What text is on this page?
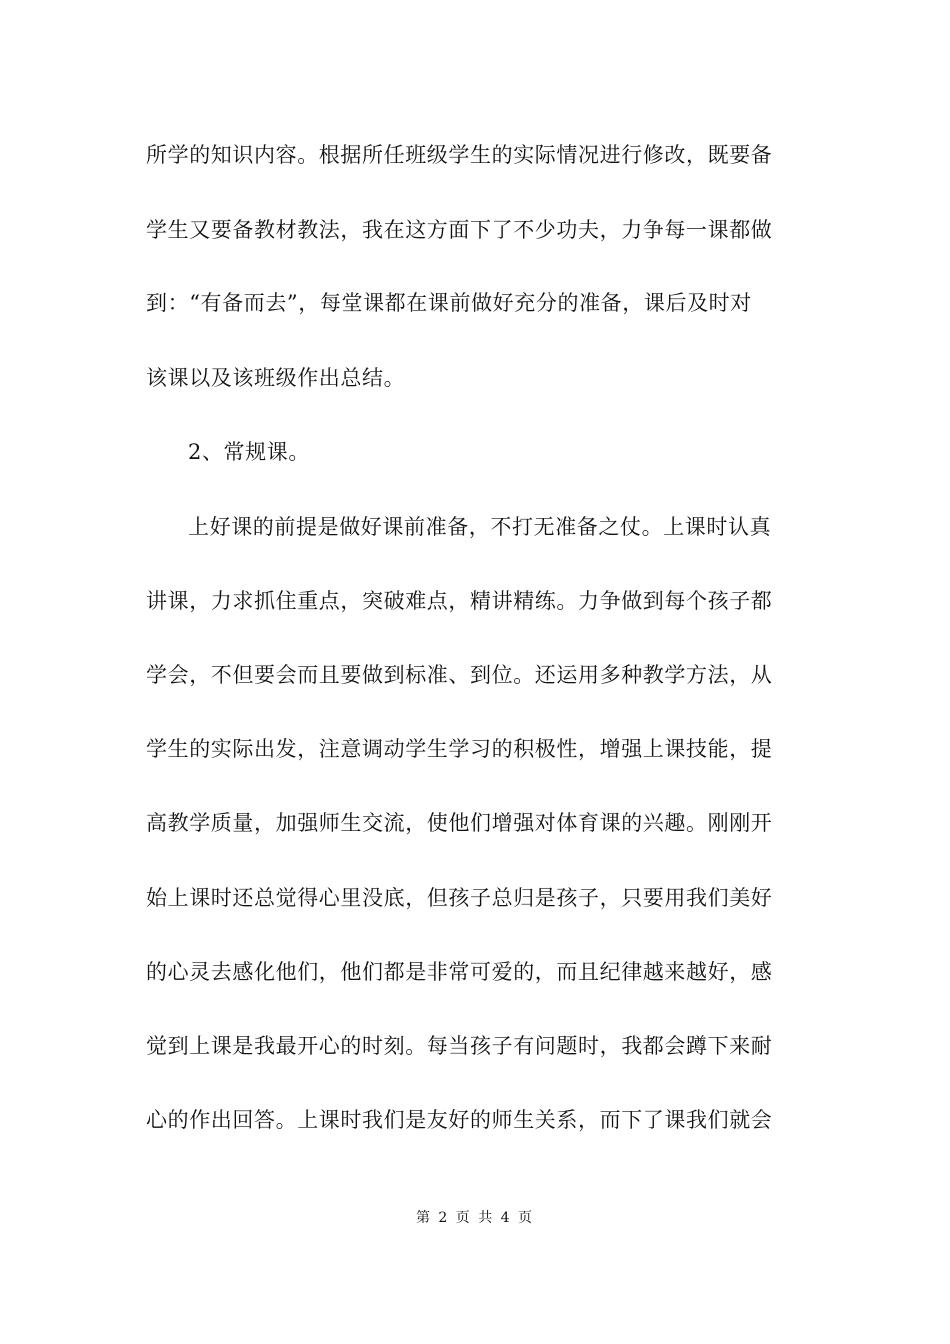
所学的知识内容。根据所任班级学生的实际情况进行修改，既要备
学生又要备教材教法，我在这方面下了不少功夫，力争每一课都做
到：“有备而去”，每堂课都在课前做好充分的准备，课后及时对
该课以及该班级作出总结。
2、常规课。
上好课的前提是做好课前准备，不打无准备之仗。上课时认真
讲课，力求抓住重点，突破难点，精讲精练。力争做到每个孩子都
学会，不但要会而且要做到标准、到位。还运用多种教学方法，从
学生的实际出发，注意调动学生学习的积极性，增强上课技能，提
高教学质量，加强师生交流，使他们增强对体育课的兴趣。刚刚开
始上课时还总觉得心里没底，但孩子总归是孩子，只要用我们美好
的心灵去感化他们，他们都是非常可爱的，而且纪律越来越好，感
觉到上课是我最开心的时刻。每当孩子有问题时，我都会蹲下来耐
心的作出回答。上课时我们是友好的师生关系，而下了课我们就会
第 2 页 共 4 页
